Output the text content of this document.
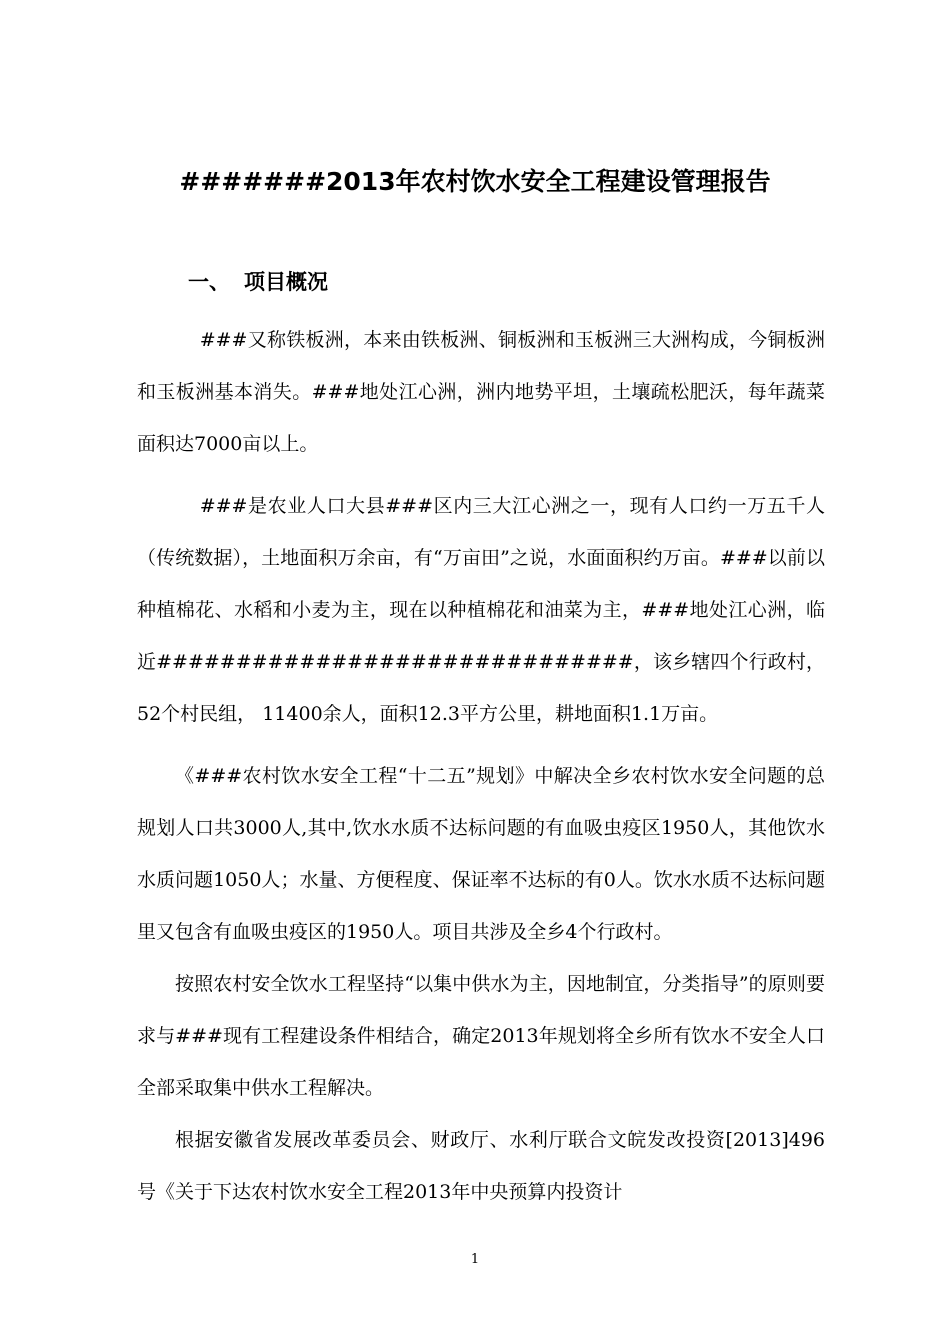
#######2013年农村饮水安全工程建设管理报告
一、 项目概况

###又称铁板洲，本来由铁板洲、铜板洲和玉板洲三大洲构成，今铜板洲和玉板洲基本消失。###地处江心洲，洲内地势平坦，土壤疏松肥沃，每年蔬菜面积达7000亩以上。

###是农业人口大县###区内三大江心洲之一，现有人口约一万五千人（传统数据），土地面积万余亩，有“万亩田”之说，水面面积约万亩。###以前以种植棉花、水稻和小麦为主，现在以种植棉花和油菜为主，###地处江心洲，临近##############################，该乡辖四个行政村，52个村民组， 11400余人，面积12.3平方公里，耕地面积1.1万亩。

《###农村饮水安全工程“十二五”规划》中解决全乡农村饮水安全问题的总规划人口共3000人,其中,饮水水质不达标问题的有血吸虫疫区1950人，其他饮水水质问题1050人；水量、方便程度、保证率不达标的有0人。饮水水质不达标问题里又包含有血吸虫疫区的1950人。项目共涉及全乡4个行政村。

按照农村安全饮水工程坚持“以集中供水为主，因地制宜，分类指导”的原则要求与###现有工程建设条件相结合，确定2013年规划将全乡所有饮水不安全人口全部采取集中供水工程解决。

根据安徽省发展改革委员会、财政厅、水利厅联合文皖发改投资[2013]496号《关于下达农村饮水安全工程2013年中央预算内投资计

1
